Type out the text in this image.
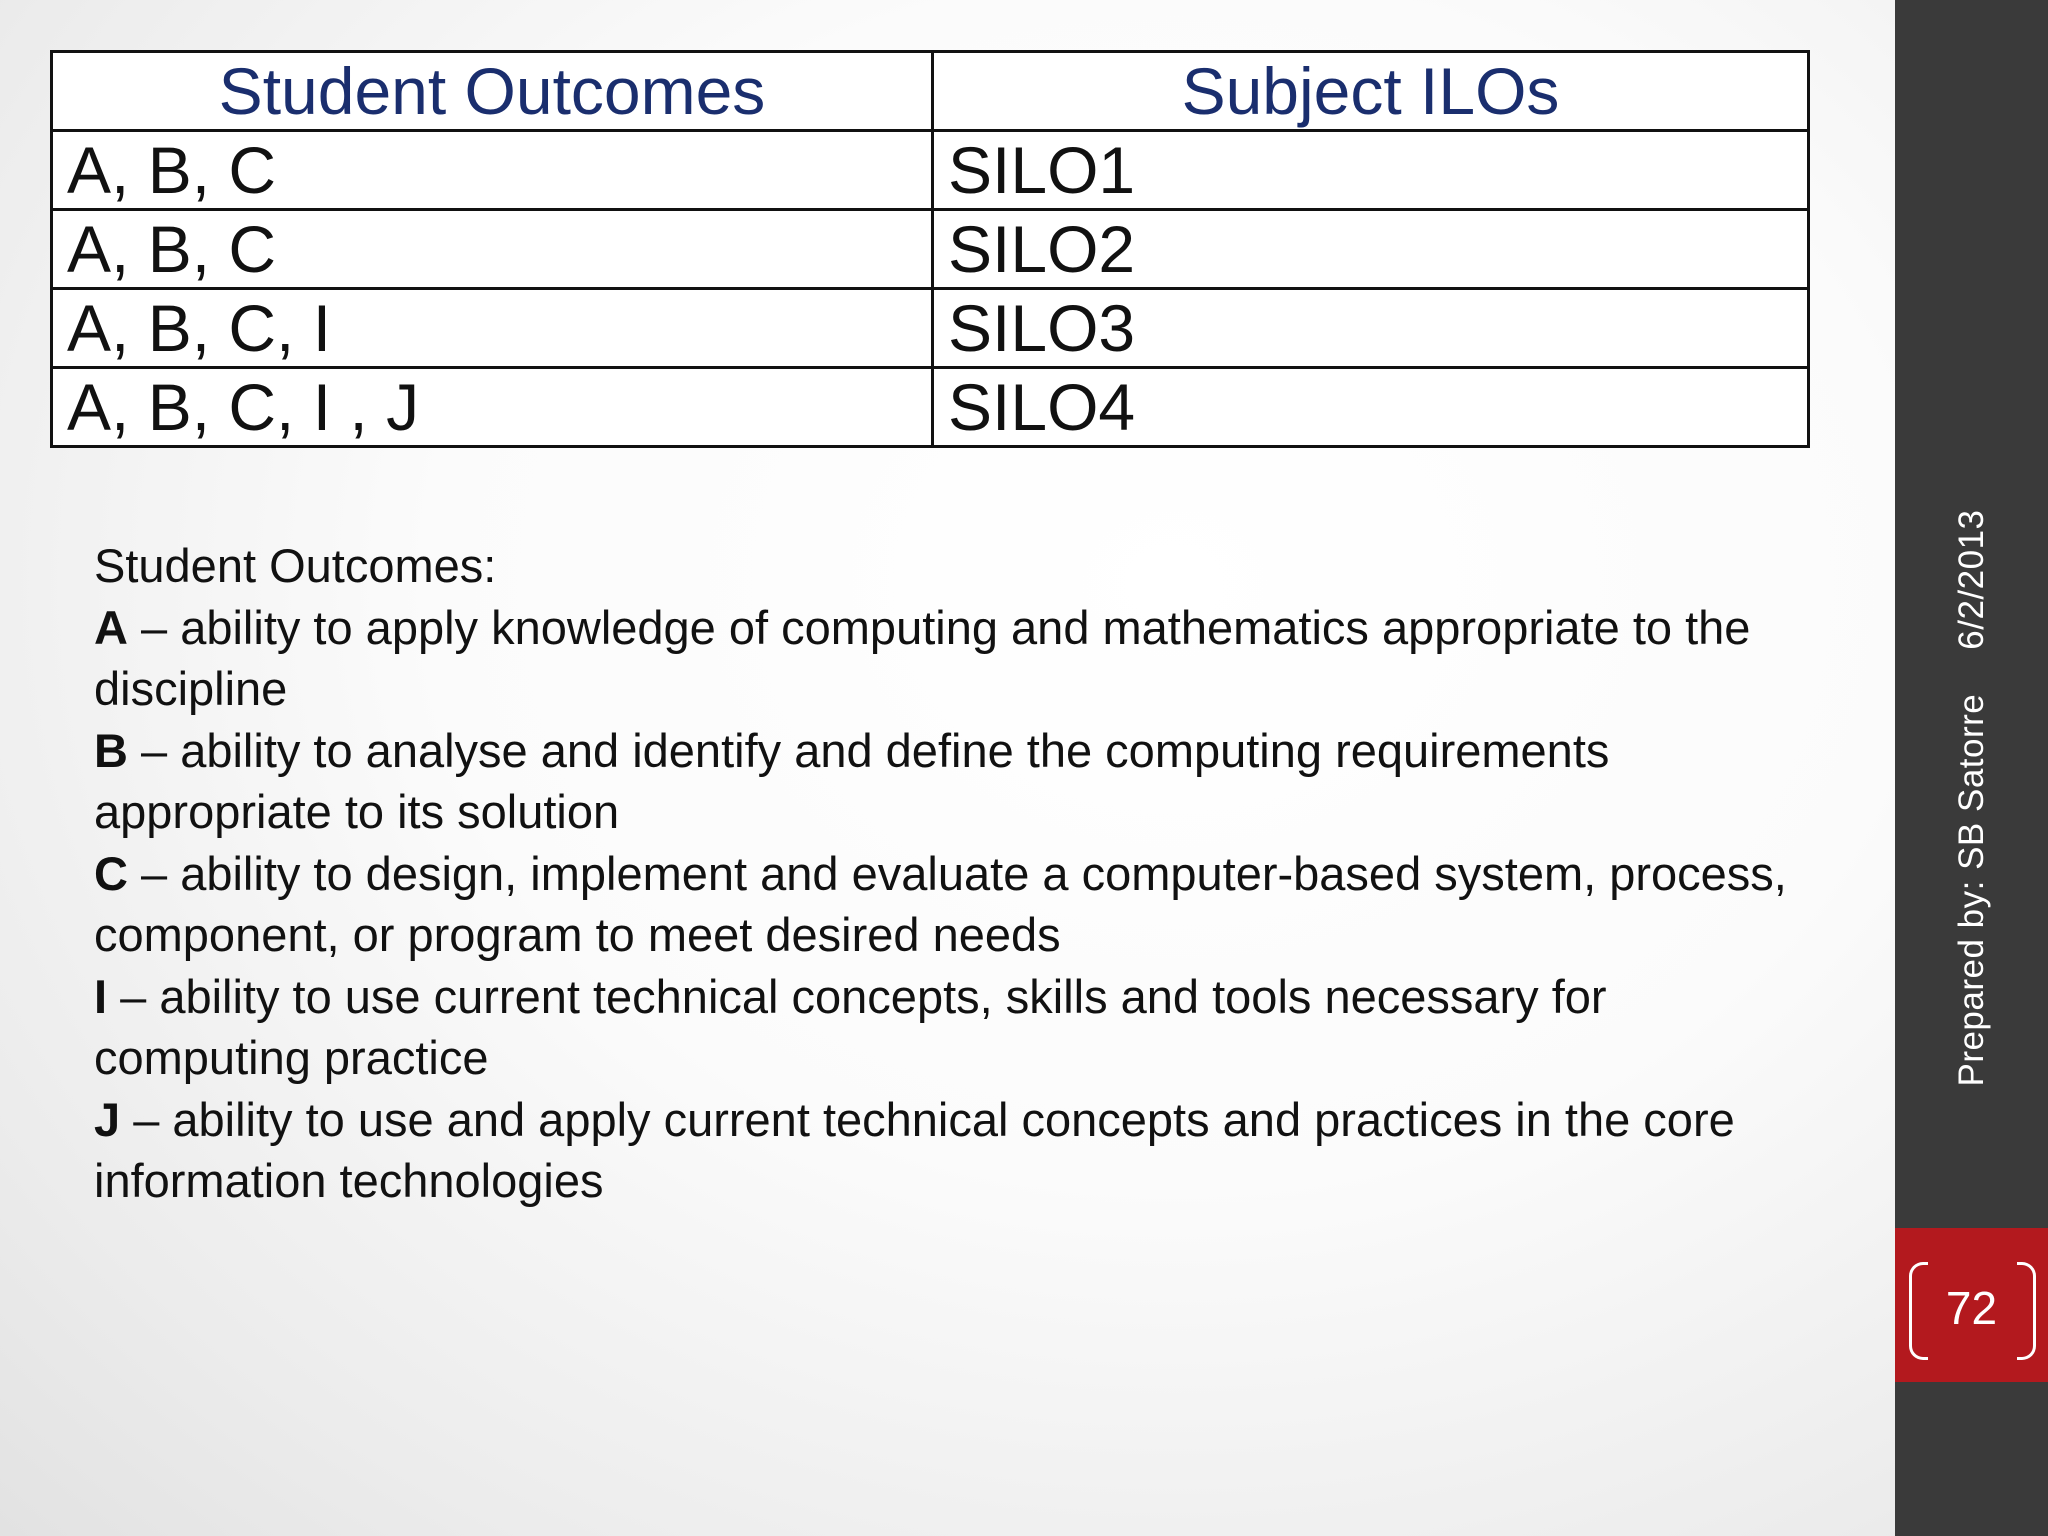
Student Outcomes	Subject ILOs
A, B, C	SILO1
A, B, C	SILO2
A, B, C, I	SILO3
A, B, C, I , J	SILO4

Student Outcomes:

A – ability to apply knowledge of computing and mathematics appropriate to the discipline

B – ability to analyse and identify and define the computing requirements appropriate to its solution

C – ability to design, implement and evaluate a computer-based system, process, component, or program to meet desired needs

I – ability to use current technical concepts, skills and tools necessary for computing practice

J – ability to use and apply current technical concepts and practices in the core information technologies

Prepared by: SB Satorre6/2/2013
72
